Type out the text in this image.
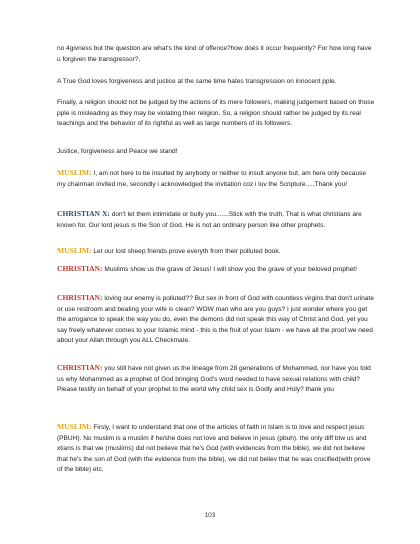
no 4givness but the question are what's the kind of offence?how does it occur frequently? For how long have u forgiven the transgressor?,
A True God loves forgiveness and justice at the same time hates transgression on innocent pple.
Finally, a religion should not be judged by the actions of its mere followers, making judgement based on those pple is misleading as they may be violating their religion. So, a religion should rather be judged by its real teachings and the behavior of its rightful as well as large numbers of its followers.
Justice, forgiveness and Peace we stand!
MUSLIM: I, am not here to be insulted by anybody or neither to insult anyone but, am here only because my chairman invited me, secondly i acknowledged the invitation coz i luv the Scripture.....Thank you!
CHRISTIAN X: don't let them intimidate or bully you.......Stick with the truth. That is what christians are known for. Our lord jesus is the Son of God. He is not an ordinary person like other prophets.
MUSLIM: Let our lost sheep friends prove everyth from their polluted book.
CHRISTIAN: Muslims show us the grave of Jesus! I will show you the grave of your beloved prophet!
CHRISTIAN: loving our enemy is polluted?? But sex in front of God with countless virgins that don't urinate or use restroom and beating your wife is clean? WOW man who are you guys? I just wonder where you get the arrogance to speak the way you do, even the demons did not speak this way of Christ and God, yet you say freely whatever comes to your Islamic mind - this is the fruit of your Islam - we have all the proof we need about your Allah through you ALL Checkmate.
CHRISTIAN: you still have not given us the lineage from 28 generations of Mohammed, nor have you told us why Mohammed as a prophet of God bringing God's word needed to have sexual relations with child? Please testify on behalf of your prophet to the world why child sex is Godly and Holy? thank you
MUSLIM: Firsly, I want to understand that one of the articles of faith in Islam is to love and respect jesus (PBUH). No muslim is a muslim if he/she does not love and believe in jesus (pbuh). the only diff btw us and xtians is that we (muslims) did not believe that he's God (with evidences from the bible), we did not believe that he's the son of God (with the evidence from the bible), we did not believ that he was crucified(with prove of the bible) etc.
103
